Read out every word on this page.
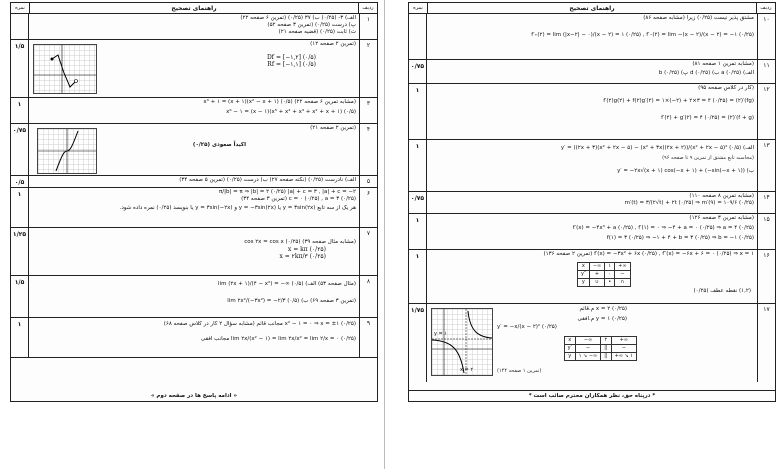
نمره	راهنمای تصحیح	ردیف
الف) ۳- (۰/۲۵) ب) ۳۷ (۰/۲۵) (تمرین ۶ صفحه ۲۲)
پ) درست (۰/۲۵) (تمرین ۳ صفحه ۵۲)
ت) ثابت (۰/۲۵) (قضیه صفحه ۲۱)
۱
۱/۵	(تمرین ۲ صفحه ۱۲)
Df = [−۱,۲] (۰/۵)
Rf = [−۱,۱] (۰/۵)
۲
۱	(مشابه تمرین ۶ صفحه ۲۲) x³ + ۱ = (x + ۱)(x² − x + ۱) (۰/۵)
x⁶ − ۱ = (x − ۱)(x⁵ + x⁴ + x³ + x² + x + ۱) (۰/۵)
۳
۰/۷۵	(تمرین ۲ صفحه ۲۱)
اکیداً صعودی (۰/۲۵)
۴
۰/۵	الف) نادرست (۰/۲۵) (نکته صفحه ۲۷) ب) درست (۰/۲۵) (تمرین ۵ صفحه ۳۴)	۵
۱	π/|b| = π ⇒ |b| = ۲ (۰/۲۵) |a| + c = ۳ , |a| + c = −۲
c = ۰ (۰/۲۵) , a = ۳ (۰/۲۵) (تمرین ۳ صفحه ۳۴)
هر یک از سه تابع y = ۳sin(۲x) یا y = −۳sin(۲x) و y = ۳sin(−۲x) یا بنویسد (۰/۲۵) نمره داده شود.
۶
۱/۲۵
(مشابه مثال صفحه ۳۹) cos ۲x = cos x (۰/۲۵)
x = kπ (۰/۲۵)
x = ۲kπ/۳ (۰/۲۵)
۷
۱/۵	(مثال صفحه ۵۳) الف) lim (۲x + ۱)/(۴ − x²) = −∞ (۰/۵)
(تمرین ۳ صفحه ۶۹) ب) lim ۲x²/(−۳x²) = −۲/۳ (۰/۵)
۸
۱	x² − ۱ = ۰ ⇒ x = ±۱ (۰/۲۵) مجانب قائم (مشابه سؤال ۲ کار در کلاس صفحه ۶۸)
lim ۲x/(x² − ۱) = lim ۲x/x² = lim ۲/x = ۰ (۰/۲۵) مجانب افقی
۹
« ادامه پاسخ ها در صفحه دوم »
نمره	راهنمای تصحیح	ردیف
مشتق پذیر نیست (۰/۲۵) زیرا (مشابه صفحه ۸۶)
f′₊(۲) = lim (|x−۲| − ۰)/(x − ۲) = ۱ (۰/۲۵) , f′₋(۲) = lim −(x − ۲)/(x − ۲) = −۱ (۰/۲۵)
۱۰
۰/۷۵	(مشابه تمرین ۱ صفحه ۸۱)
الف) a (۰/۲۵) ب) d (۰/۲۵) پ) b (۰/۲۵)
۱۱
۱	(کار در کلاس صفحه ۹۵)
(fg)′(۲) = f′(۲)g(۲) + f(۲)g′(۲) = ۱×(−۲) + ۲×۳ = ۴ (۰/۲۵)
(f + g)′(۲) = f′(۲) + g′(۲) = ۴ (۰/۲۵)
۱۲
۱	الف) y′ = ((۲x + ۳)(x² + ۲x − ۵) − (x² + ۳x)(۲x + ۲))/(x² + ۲x − ۵)² (۰/۵)
(محاسبه تابع مشتق از تمرین ۹ تا صفحه ۹۶)
ب) y′ = −۲x√(x + ۱) cos(−x + ۱) + (−sin(−x + ۱))
۱۳
۰/۷۵	(مشابه تمرین ۸ صفحه ۱۱۰)
m′(t) = ۳/(۲√t) + ۲t (۰/۲۵) ⇒ m′(۹) = ۱۰۹/۶ (۰/۲۵)
۱۴
۱	(مشابه تمرین ۳ صفحه ۱۲۶)
f′(x) = −۴x³ + a (۰/۲۵) , f′(۱) = ۰ ⇒ −۴ + a = ۰ (۰/۲۵) ⇒ a = ۴ (۰/۲۵)
f(۱) = ۳ (۰/۲۵) ⇒ −۱ + ۴ + b = ۳ (۰/۲۵) ⇒ b = −۱ (۰/۲۵)
۱۵
۱	f′(x) = −۳x² + ۶x (۰/۲۵) , f″(x) = −۶x + ۶ = ۰ (۰/۲۵) ⇒ x = ۱ (تمرین ۲ صفحه ۱۳۶)
x	−∞	۱	+∞
y″	+	۰	−
y	∪	•	∩
(۱,۲) نقطه عطف (۰/۲۵)
۱۶
۱/۷۵	x = ۲ (۰/۲۵) م.قائم
y = ۱ (۰/۲۵) م.افقی
y′ = −x/(x − ۲)² (۰/۲۵)
x	−∞	۲	+∞
y′	−	||	−
y	۱ ↘ −∞	||	+∞ ↘ ۱
(تمرین ۱ صفحه ۱۴۴)
y = ۱
x = ۲
۱۷
* درپناه حق، نظر همکاران محترم صائب است *
